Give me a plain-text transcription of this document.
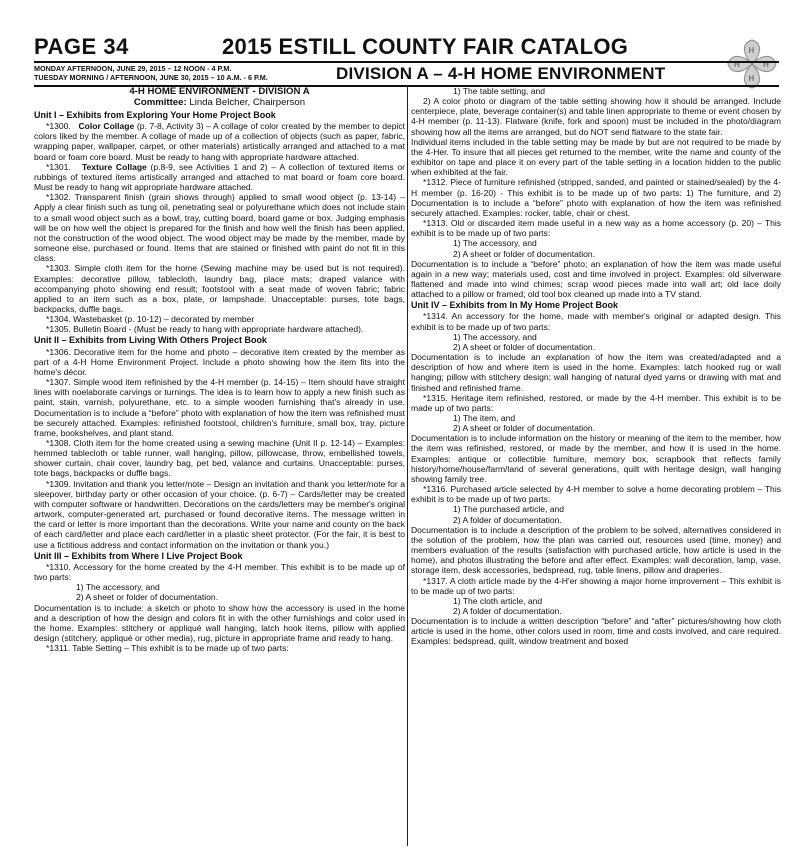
PAGE 34	2015 ESTILL COUNTY FAIR CATALOG	H
H
H
H
MONDAY AFTERNOON, JUNE 29, 2015 – 12 NOON - 4 P.M.
TUESDAY MORNING / AFTERNOON, JUNE 30, 2015 – 10 A.M. - 6 P.M.	DIVISION A – 4-H HOME ENVIRONMENT

4-H HOME ENVIRONMENT - DIVISION A

Committee: Linda Belcher, Chairperson

Unit I – Exhibits from Exploring Your Home Project Book

*1300. Color Collage (p. 7-8, Activity 3) – A collage of color created by the member to depict colors liked by the member. A collage of made up of a collection of objects (such as paper, fabric, wrapping paper, wallpaper, carpet, or other materials) artistically arranged and attached to a mat board or foam core board. Must be ready to hang with appropriate hardware attached.

*1301. Texture Collage (p.8-9, see Activities 1 and 2) – A collection of textured items or rubbings of textured items artistically arranged and attached to mat board or foam core board. Must be ready to hang wit appropriate hardware attached.

*1302. Transparent finish (grain shows through) applied to small wood object (p. 13-14) – Apply a clear finish such as tung oil, penetrating seal or polyurethane which does not include stain to a small wood object such as a bowl, tray, cutting board, board game or box. Judging emphasis will be on how well the object is prepared for the finish and how well the finish has been applied, not the construction of the wood object. The wood object may be made by the member, made by someone else, purchased or found. Items that are stained or finished with paint do not fit in this class.

*1303. Simple cloth item for the home (Sewing machine may be used but is not required). Examples: decorative pillow, tablecloth, laundry bag, place mats; draped valance with accompanying photo showing end result; footstool with a seat made of woven fabric; fabric applied to an item such as a box, plate, or lampshade. Unacceptable: purses, tote bags, backpacks, duffle bags.

*1304. Wastebasket (p. 10-12) – decorated by member

*1305. Bulletin Board - (Must be ready to hang with appropriate hardware attached).

Unit II – Exhibits from Living With Others Project Book

*1306. Decorative item for the home and photo – decorative item created by the member as part of a 4-H Home Environment Project. Include a photo showing how the item fits into the home's décor.

*1307. Simple wood item refinished by the 4-H member (p. 14-15) – Item should have straight lines with noelaborate carvings or turnings. The idea is to learn how to apply a new finish such as paint, stain, varnish, polyurethane, etc. to a simple wooden furnishing that's already in use. Documentation is to include a “before” photo with explanation of how the item was refinished must be securely attached. Examples: refinished footstool, children's furniture, small box, tray, picture frame, bookshelves, and plant stand.

*1308. Cloth item for the home created using a sewing machine (Unit II p. 12-14) – Examples: hemmed tablecloth or table runner, wall hanging, pillow, pillowcase, throw, embellished towels, shower curtain, chair cover, laundry bag, pet bed, valance and curtains. Unacceptable: purses, tote bags, backpacks or duffle bags.

*1309. Invitation and thank you letter/note – Design an invitation and thank you letter/note for a sleepover, birthday party or other occasion of your choice. (p. 6-7) – Cards/letter may be created with computer software or handwritten. Decorations on the cards/letters may be member's original artwork, computer-generated art, purchased or found decorative items. The message written in the card or letter is more important than the decorations. Write your name and county on the back of each card/letter and place each card/letter in a plastic sheet protector. (For the fair, it is best to use a fictitious address and contact information on the invitation or thank you.)

Unit III – Exhibits from Where I Live Project Book

*1310. Accessory for the home created by the 4-H member. This exhibit is to be made up of two parts:

1) The accessory, and

2) A sheet or folder of documentation.

Documentation is to include: a sketch or photo to show how the accessory is used in the home and a description of how the design and colors fit in with the other furnishings and color used in the home. Examples: stitchery or appliqué wall hanging, latch hook items, pillow with applied design (stitchery, appliqué or other media), rug, picture in appropriate frame and ready to hang.

*1311. Table Setting – This exhibit is to be made up of two parts:

1) The table setting, and

2) A color photo or diagram of the table setting showing how it should be arranged. Include centerpiece, plate, beverage container(s) and table linen appropriate to theme or event chosen by 4-H member (p. 11-13). Flatware (knife, fork and spoon) must be included in the photo/diagram showing how all the items are arranged, but do NOT send flatware to the state fair.

Individual items included in the table setting may be made by but are not required to be made by the 4-Her. To insure that all pieces get returned to the member, write the name and county of the exhibitor on tape and place it on every part of the table setting in a location hidden to the public when exhibited at the fair.

*1312. Piece of furniture refinished (stripped, sanded, and painted or stained/sealed) by the 4-H member (p. 16-20) - This exhibit is to be made up of two parts: 1) The furniture, and 2) Documentation is to include a “before” photo with explanation of how the item was refinished securely attached. Examples: rocker, table, chair or chest.

*1313. Old or discarded item made useful in a new way as a home accessory (p. 20) – This exhibit is to be made up of two parts:

1) The accessory, and

2) A sheet or folder of documentation.

Documentation is to include a “before” photo; an explanation of how the item was made useful again in a new way; materials used, cost and time involved in project. Examples: old silverware flattened and made into wind chimes; scrap wood pieces made into wall art; old lace doily attached to a pillow or framed; old tool box cleaned up made into a TV stand.

Unit IV – Exhibits from In My Home Project Book

*1314. An accessory for the home, made with member's original or adapted design. This exhibit is to be made up of two parts:

1) The accessory, and

2) A sheet or folder of documentation.

Documentation is to include an explanation of how the item was created/adapted and a description of how and where item is used in the home. Examples: latch hooked rug or wall hanging; pillow with stitchery design; wall hanging of natural dyed yarns or drawing with mat and finished and refinished frame.

*1315. Heritage item refinished, restored, or made by the 4-H member. This exhibit is to be made up of two parts:

1) The item, and

2) A sheet or folder of documentation.

Documentation is to include information on the history or meaning of the item to the member, how the item was refinished, restored, or made by the member, and how it is used in the home. Examples: antique or collectible furniture, memory box, scrapbook that reflects family history/home/house/farm/land of several generations, quilt with heritage design, wall hanging showing family tree.

*1316. Purchased article selected by 4-H member to solve a home decorating problem – This exhibit is to be made up of two parts:

1) The purchased article, and

2) A folder of documentation.

Documentation is to include a description of the problem to be solved, alternatives considered in the solution of the problem, how the plan was carried out, resources used (time, money) and members evaluation of the results (satisfaction with purchased article, how article is used in the home), and photos illustrating the before and after effect. Examples: wall decoration, lamp, vase, storage item, desk accessories, bedspread, rug, table linens, pillow and draperies.

*1317. A cloth article made by the 4-H'er showing a major home improvement – This exhibit is to be made up of two parts:

1) The cloth article, and

2) A folder of documentation.

Documentation is to include a written description “before” and “after” pictures/showing how cloth article is used in the home, other colors used in room, time and costs involved, and care required. Examples: bedspread, quilt, window treatment and boxed
